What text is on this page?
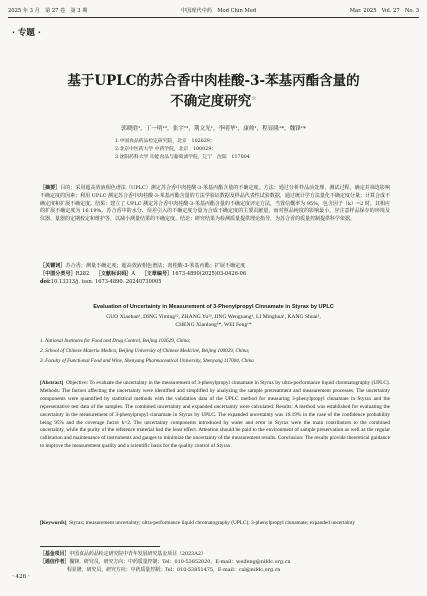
2025 年 3 月　第 27 卷　第 3 期	中国现代中药　Mod Chin Med	Mar. 2025　Vol. 27　No. 3
· 专题 ·
基于UPLC的苏合香中肉桂酸-3-苯基丙酯含量的
不确定度研究☆
郭晓晗¹，丁一明¹²，张宇¹³，荆文光¹，李明华¹，康帅¹，程显隆¹*，魏锋¹*
1.中国食品药品检定研究院，北京　102629；
2.北京中医药大学 中药学院，北京　100029；
3.沈阳药科大学 功能食品与葡萄酒学院，辽宁　沈阳　117004
［摘要］目的：采用超高效液相色谱法（UPLC）测定苏合香中肉桂酸-3-苯基丙酯含量的不确定度。方法：通过分析样品前处理、测试过程，确定并筛选影响不确定度的因素；利用 UPLC 测定苏合香中肉桂酸-3-苯基丙酯含量的方法学验证数据及样品代表性试验数据，通过统计学方法量化不确定度分量；计算合成不确定度和扩展不确定度。结果：建立了 UPLC 测定苏合香中肉桂酸-3-苯基丙酯含量的不确定度评定方法，当置信概率为 95%，包含因子（k）=2 时，其相应的扩展不确定度为 16.19%。苏合香中的水分、误差引入的不确定度分量为合成不确定度的主要贡献量，而对照品纯度的影响最小。应注意样品保存的环境及仪器、量器的定期校定和维护等，以减小测量结果的不确定度。结论：研究结果为检测质量提供理论指导，为苏合香的质量控制提供科学依据。
［关键词］苏合香；测量不确定度；超高效液相色谱法；肉桂酸-3-苯基丙酯；扩展不确定度
［中图分类号］R282 ［文献标识码］A ［文章编号］1673-4890(2025)03-0426-06
doi:10.13313/j. issn. 1673-4890. 20240730005
Evaluation of Uncertainty in Measurement of 3-Phenylpropyl Cinnamate in Styrax by UPLC
GUO Xiaohan¹, DING Yiming¹², ZHANG Yu¹³, JING Wenguang¹, LI Minghua¹, KANG Shuai¹,
CHENG Xianlong¹*, WEI Feng¹*
1. National Institutes for Food and Drug Control, Beijing 102629, China;
2. School of Chinese Materia Medica, Beijing University of Chinese Medicine, Beijing 100029, China;
3. Faculty of Functional Food and Wine, Shenyang Pharmaceutical University, Shenyang 117004, China
[Abstract] Objective: To evaluate the uncertainty in the measurement of 3-phenylpropyl cinnamate in Styrax by ultra-performance liquid chromatography (UPLC). Methods: The factors affecting the uncertainty were identified and simplified by analyzing the sample pretreatment and measurement processes. The uncertainty components were quantified by statistical methods with the validation data of the UPLC method for measuring 3-phenylpropyl cinnamate in Styrax and the representative test data of the samples. The combined uncertainty and expanded uncertainty were calculated. Results: A method was established for evaluating the uncertainty in the measurement of 3-phenylpropyl cinnamate in Styrax by UPLC. The expanded uncertainty was 16.19% in the case of the confidence probability being 95% and the coverage factor k=2. The uncertainty components introduced by water and error in Styrax were the main contributors to the combined uncertainty, while the purity of the reference material had the least effect. Attention should be paid to the environment of sample preservation as well as the regular calibration and maintenance of instruments and gauges to minimize the uncertainty of the measurement results. Conclusion: The results provide theoretical guidance to improve the measurement quality and a scientific basis for the quality control of Styrax.
[Keywords] Styrax; measurement uncertainty; ultra-performance liquid chromatography (UPLC); 3-phenylpropyl cinnamate; expanded uncertainty
［基金项目］中国食品药品检定研究院中青年发展研究基金项目（2023A2）
［通信作者］魏锋，研究员，研究方向：中药质量控制；Tel：010-53852020，E-mail：weifeng@nifdc.org.cn
程显隆，研究员，研究方向：中药质量控制；Tel：010-53851475，E-mail：cxl@nifdc.org.cn
· 426 ·
